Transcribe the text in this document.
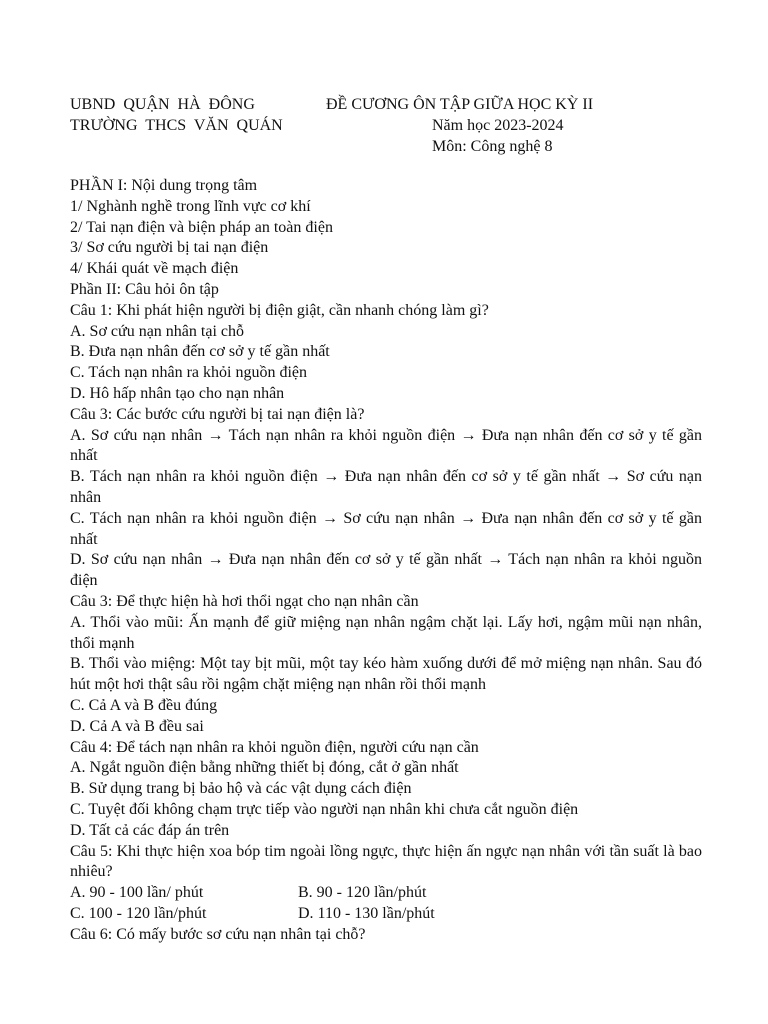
UBND  QUẬN  HÀ  ĐÔNG	ĐỀ CƯƠNG ÔN TẬP GIỮA HỌC KỲ II
TRƯỜNG  THCS  VĂN  QUÁN	Năm học 2023-2024
Môn: Công nghệ 8

PHẦN I: Nội dung trọng tâm

1/ Nghành nghề trong lĩnh vực cơ khí

2/ Tai nạn điện và biện pháp an toàn điện

3/ Sơ cứu người bị tai nạn điện

4/ Khái quát về mạch điện

Phần II: Câu hỏi ôn tập

Câu 1: Khi phát hiện người bị điện giật, cần nhanh chóng làm gì?

A. Sơ cứu nạn nhân tại chỗ

B. Đưa nạn nhân đến cơ sở y tế gần nhất

C. Tách nạn nhân ra khỏi nguồn điện

D. Hô hấp nhân tạo cho nạn nhân

Câu 3: Các bước cứu người bị tai nạn điện là?

A. Sơ cứu nạn nhân → Tách nạn nhân ra khỏi nguồn điện → Đưa nạn nhân đến cơ sở y tế gần nhất

B. Tách nạn nhân ra khỏi nguồn điện → Đưa nạn nhân đến cơ sở y tế gần nhất → Sơ cứu nạn nhân

C. Tách nạn nhân ra khỏi nguồn điện → Sơ cứu nạn nhân → Đưa nạn nhân đến cơ sở y tế gần nhất

D. Sơ cứu nạn nhân → Đưa nạn nhân đến cơ sở y tế gần nhất → Tách nạn nhân ra khỏi nguồn điện

Câu 3: Để thực hiện hà hơi thổi ngạt cho nạn nhân cần

A. Thổi vào mũi: Ấn mạnh để giữ miệng nạn nhân ngậm chặt lại. Lấy hơi, ngậm mũi nạn nhân, thổi mạnh

B. Thổi vào miệng: Một tay bịt mũi, một tay kéo hàm xuống dưới để mở miệng nạn nhân. Sau đó hút một hơi thật sâu rồi ngậm chặt miệng nạn nhân rồi thổi mạnh

C. Cả A và B đều đúng

D. Cả A và B đều sai

Câu 4: Để tách nạn nhân ra khỏi nguồn điện, người cứu nạn cần

A. Ngắt nguồn điện bằng những thiết bị đóng, cắt ở gần nhất

B. Sử dụng trang bị bảo hộ và các vật dụng cách điện

C. Tuyệt đối không chạm trực tiếp vào người nạn nhân khi chưa cắt nguồn điện

D. Tất cả các đáp án trên

Câu 5: Khi thực hiện xoa bóp tim ngoài lồng ngực, thực hiện ấn ngực nạn nhân với tần suất là bao nhiêu?

A. 90 - 100 lần/ phút	B. 90 - 120 lần/phút
C. 100 - 120 lần/phút	D. 110 - 130 lần/phút

Câu 6: Có mấy bước sơ cứu nạn nhân tại chỗ?
